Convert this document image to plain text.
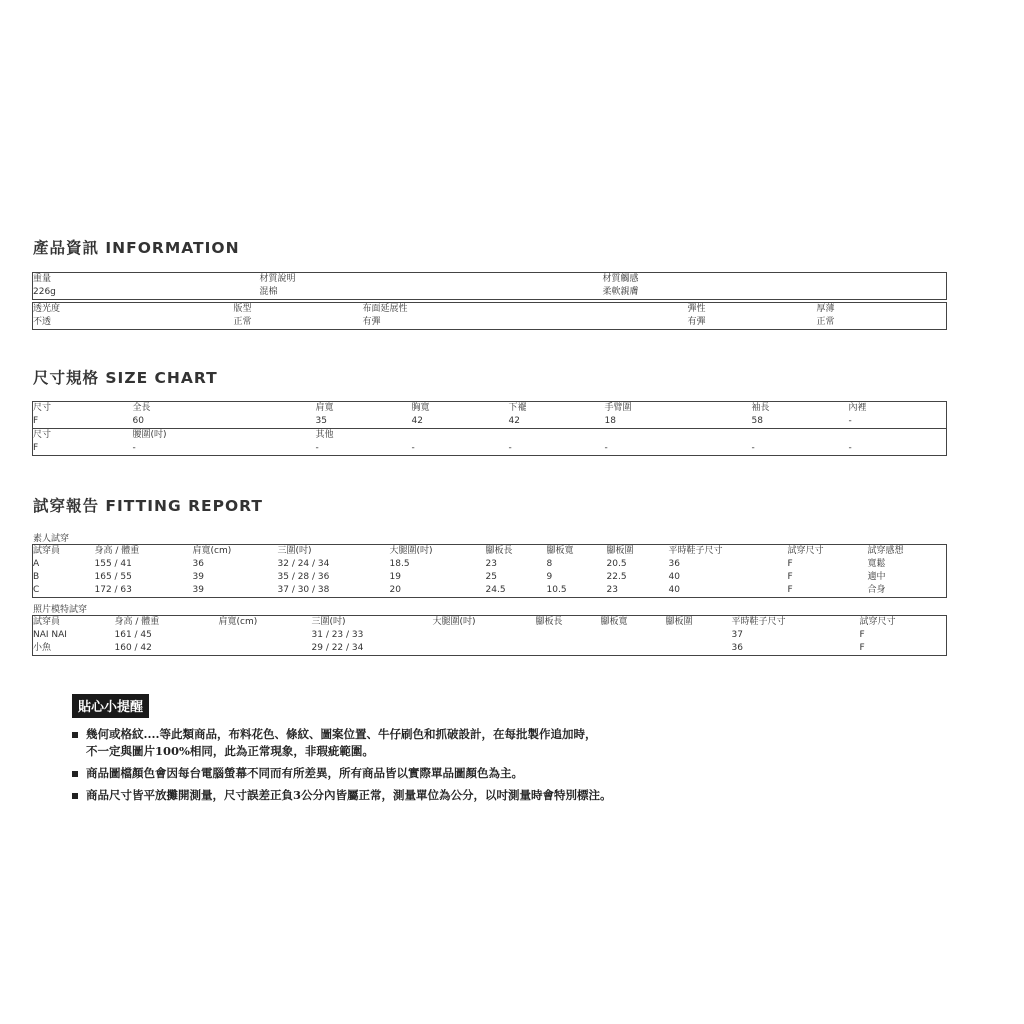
產品資訊 INFORMATION
重量	材質說明	材質觸感
226g	混棉	柔軟親膚
透光度	版型	布面延展性	彈性	厚薄
不透	正常	有彈	有彈	正常
尺寸規格 SIZE CHART
尺寸	全長	肩寬	胸寬	下襬	手臂圍	袖長	內裡
F	60	35	42	42	18	58	-
尺寸	腰圍(吋)	其他					
F	-	-	-	-	-	-	-
試穿報告 FITTING REPORT
素人試穿
試穿員	身高 / 體重	肩寬(cm)	三圍(吋)	大腿圍(吋)	腳板長	腳板寬	腳板圍	平時鞋子尺寸	試穿尺寸	試穿感想
A	155 / 41	36	32 / 24 / 34	18.5	23	8	20.5	36	F	寬鬆
B	165 / 55	39	35 / 28 / 36	19	25	9	22.5	40	F	適中
C	172 / 63	39	37 / 30 / 38	20	24.5	10.5	23	40	F	合身
照片模特試穿
試穿員	身高 / 體重	肩寬(cm)	三圍(吋)	大腿圍(吋)	腳板長	腳板寬	腳板圍	平時鞋子尺寸	試穿尺寸
NAI NAI	161 / 45		31 / 23 / 33					37	F
小魚	160 / 42		29 / 22 / 34					36	F
貼心小提醒
幾何或格紋....等此類商品，布料花色、條紋、圖案位置、牛仔刷色和抓破設計，在每批製作追加時，
不一定與圖片100%相同，此為正常現象，非瑕疵範圍。
商品圖檔顏色會因每台電腦螢幕不同而有所差異，所有商品皆以實際單品圖顏色為主。
商品尺寸皆平放攤開測量，尺寸誤差正負3公分內皆屬正常，測量單位為公分，以吋測量時會特別標注。
